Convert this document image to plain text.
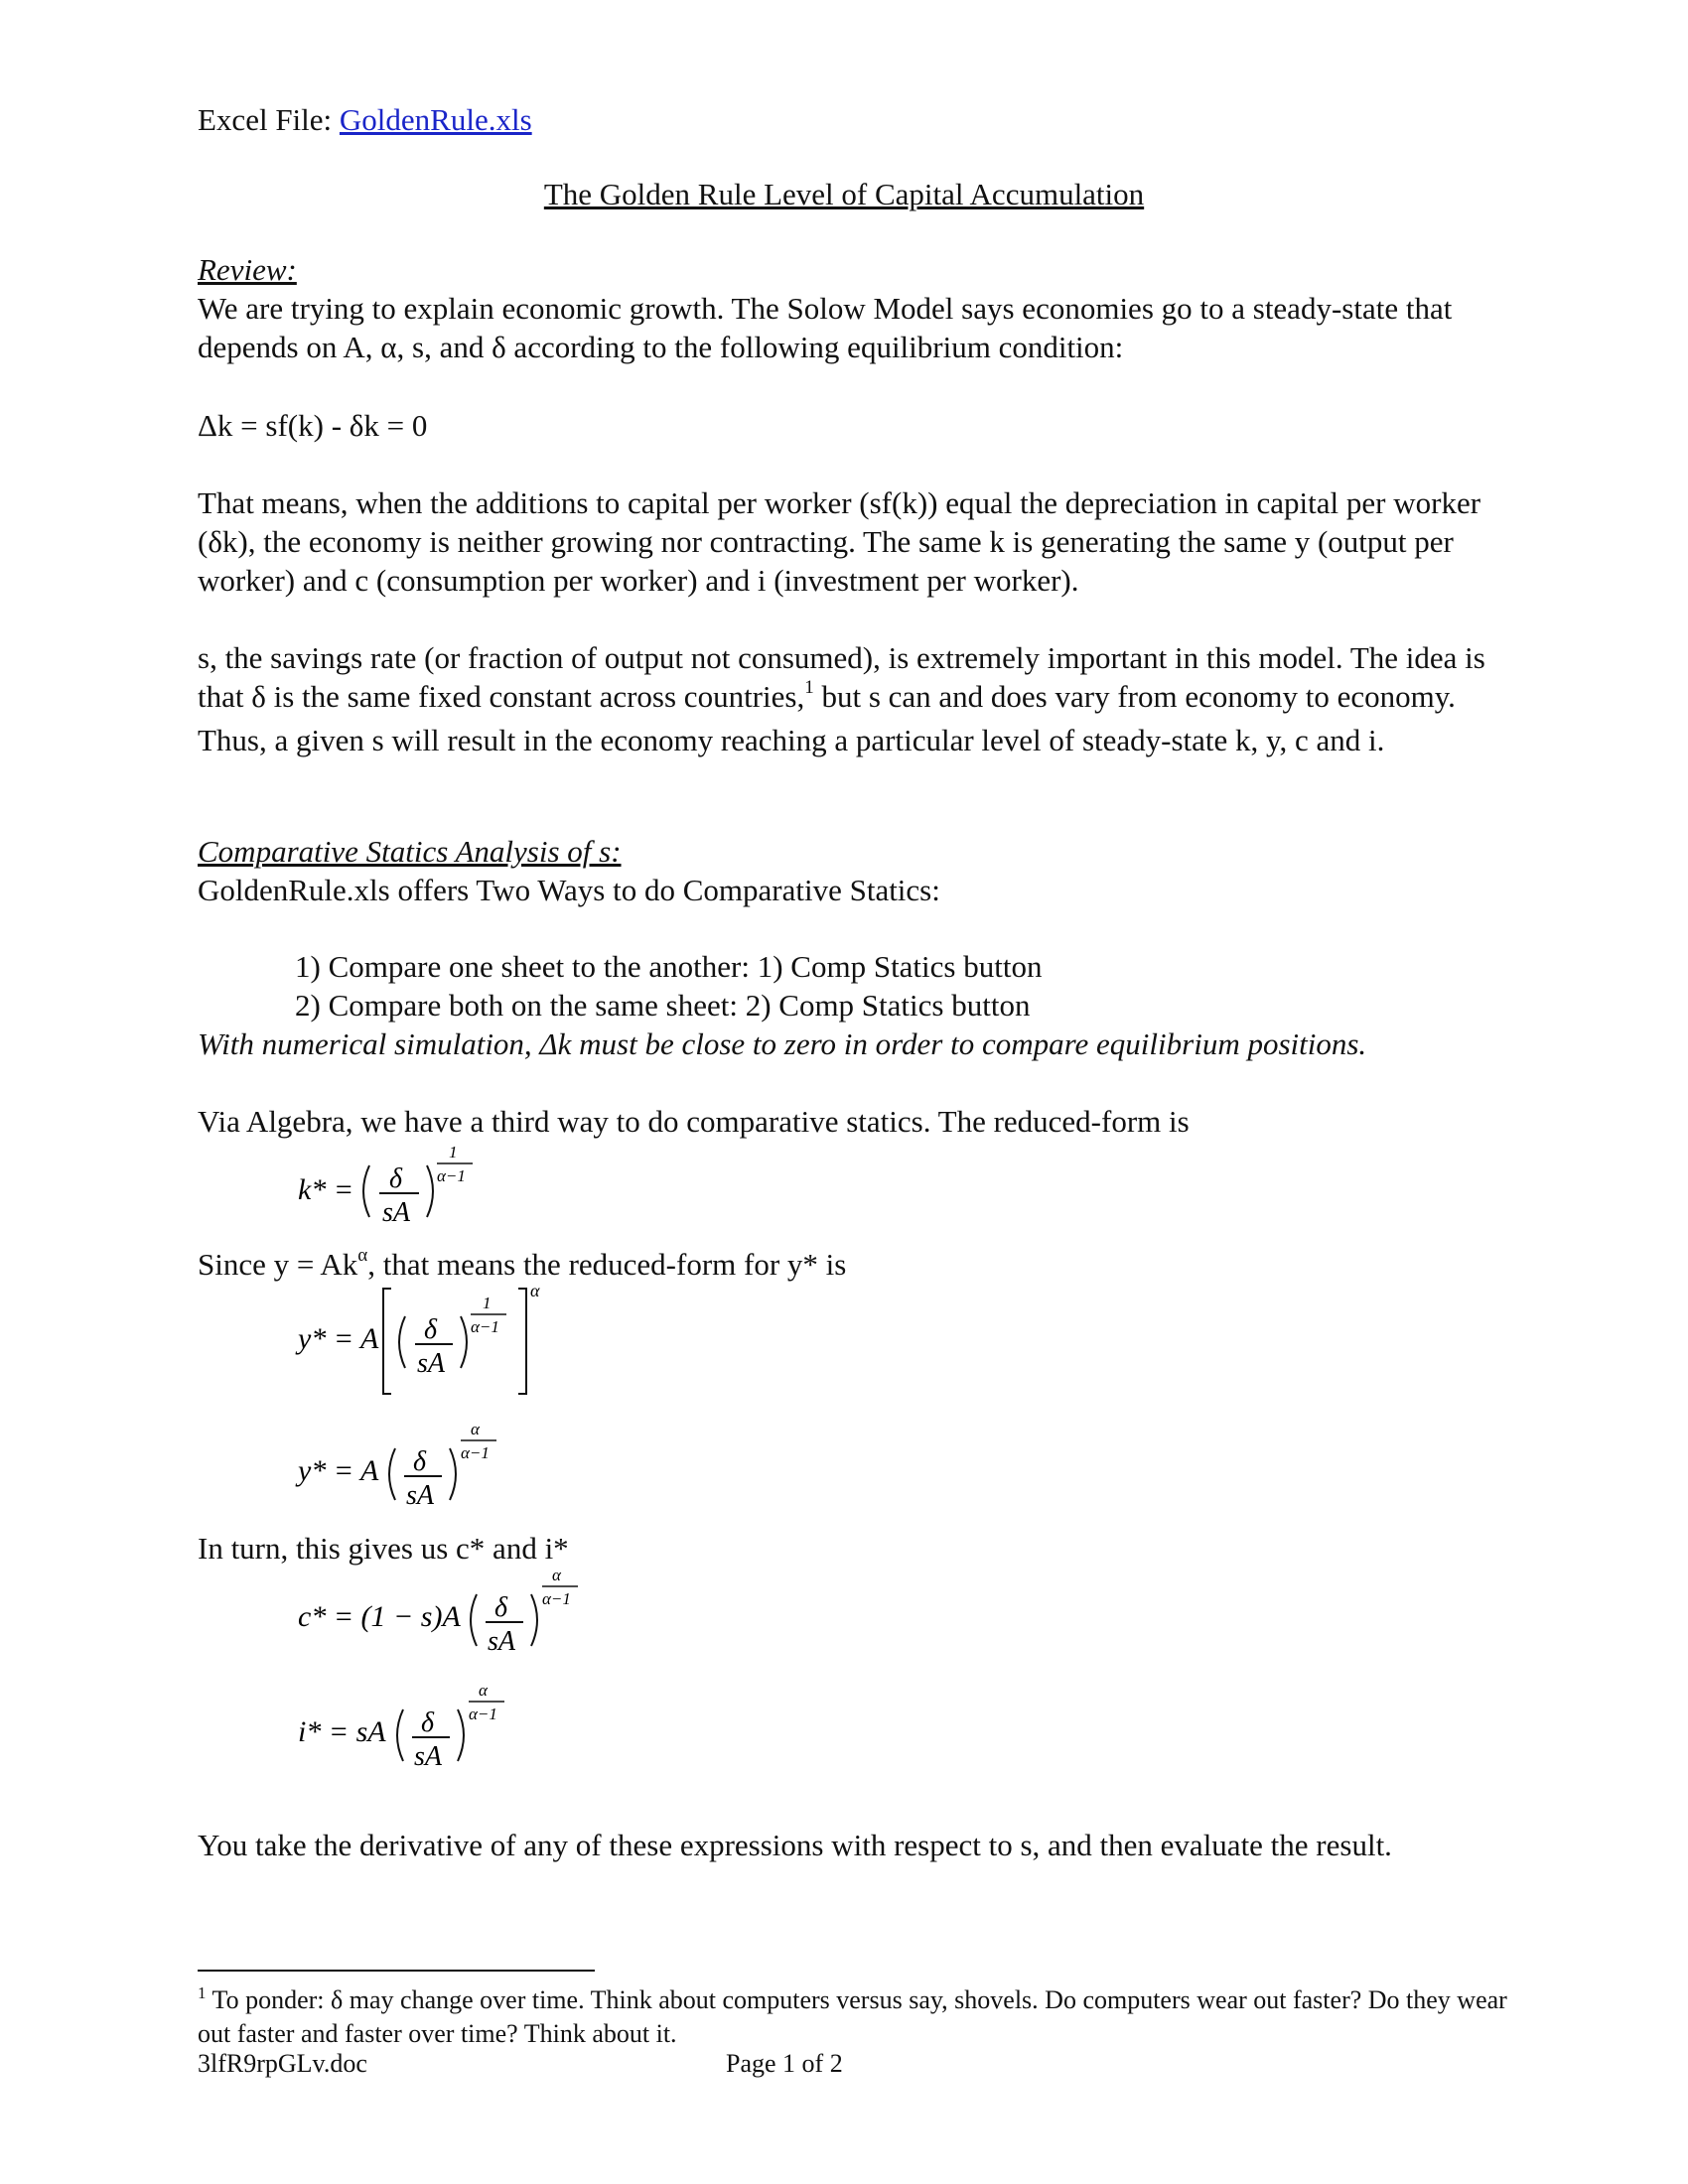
Excel File: GoldenRule.xls
The Golden Rule Level of Capital Accumulation
Review:
We are trying to explain economic growth. The Solow Model says economies go to a steady-state that depends on A, α, s, and δ according to the following equilibrium condition:
Δk = sf(k) - δk = 0
That means, when the additions to capital per worker (sf(k)) equal the depreciation in capital per worker (δk), the economy is neither growing nor contracting. The same k is generating the same y (output per worker) and c (consumption per worker) and i (investment per worker).
s, the savings rate (or fraction of output not consumed), is extremely important in this model. The idea is that δ is the same fixed constant across countries,$^1$ but s can and does vary from economy to economy. Thus, a given s will result in the economy reaching a particular level of steady-state k, y, c and i.
Comparative Statics Analysis of s:
GoldenRule.xls offers Two Ways to do Comparative Statics:
1) Compare one sheet to the another: 1) Comp Statics button
2) Compare both on the same sheet: 2) Comp Statics button
With numerical simulation, Δk must be close to zero in order to compare equilibrium positions.
Via Algebra, we have a third way to do comparative statics. The reduced-form is
k* = δ
sA
1
α−1
Since $y = Ak^\alpha$, that means the reduced-form for y* is
y* = A δ
sA
1
α−1
α
y* = A δ
sA
α
α−1
In turn, this gives us c* and i*
c* = (1 − s)A δ
sA
α
α−1
i* = sA δ
sA
α
α−1
You take the derivative of any of these expressions with respect to s, and then evaluate the result.
$^1$ To ponder: δ may change over time. Think about computers versus say, shovels. Do computers wear out faster? Do they wear out faster and faster over time? Think about it.
3lfR9rpGLv.doc	Page 1 of 2
